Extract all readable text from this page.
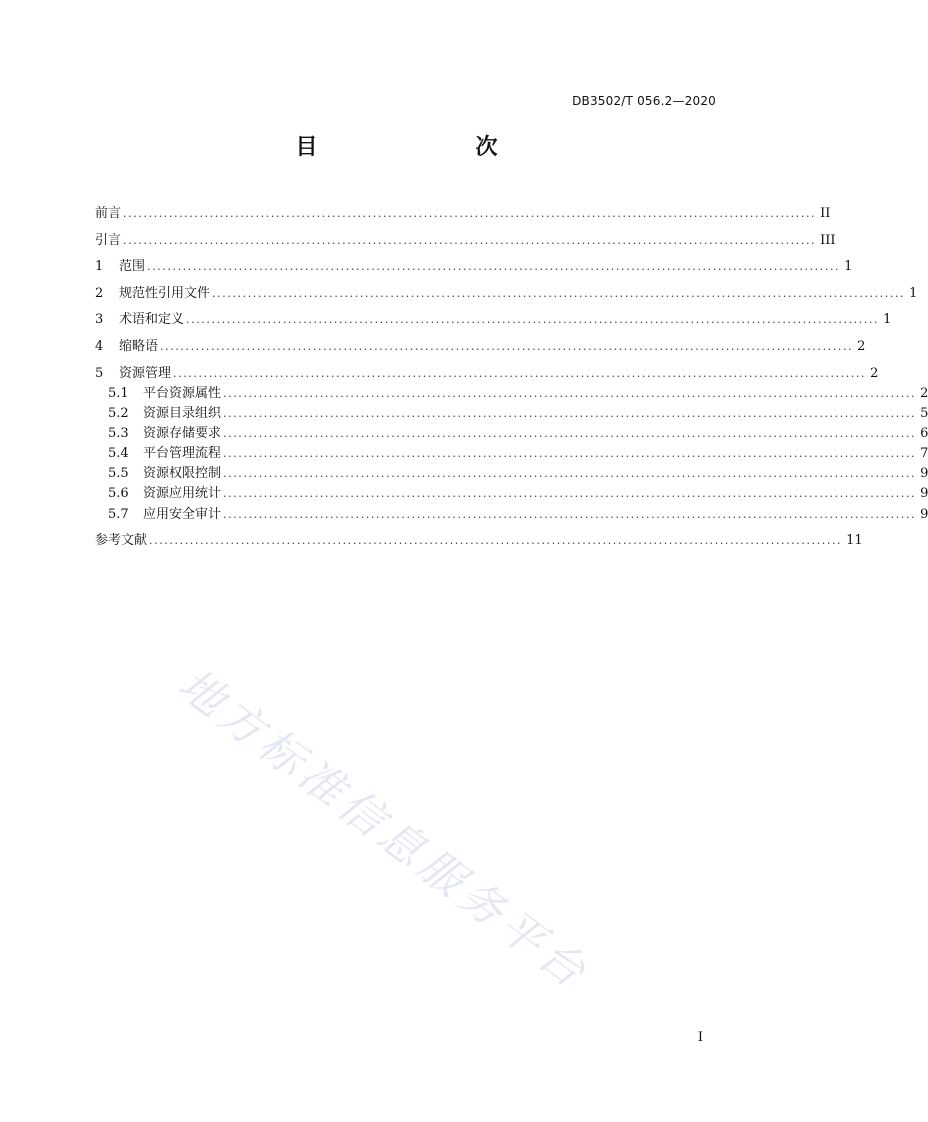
DB3502/T 056.2—2020
目　　次
前言 ........................................................................................................................................ II
引言 ........................................................................................................................................ III
1	范围 ........................................................................................................................................ 1
2	规范性引用文件 ........................................................................................................................................ 1
3	术语和定义 ........................................................................................................................................ 1
4	缩略语 ........................................................................................................................................ 2
5	资源管理 ........................................................................................................................................ 2
5.1	平台资源属性 ........................................................................................................................................ 2
5.2	资源目录组织 ........................................................................................................................................ 5
5.3	资源存储要求 ........................................................................................................................................ 6
5.4	平台管理流程 ........................................................................................................................................ 7
5.5	资源权限控制 ........................................................................................................................................ 9
5.6	资源应用统计 ........................................................................................................................................ 9
5.7	应用安全审计 ........................................................................................................................................ 9
参考文献 ........................................................................................................................................ 11
地方标准信息服务平台
I
